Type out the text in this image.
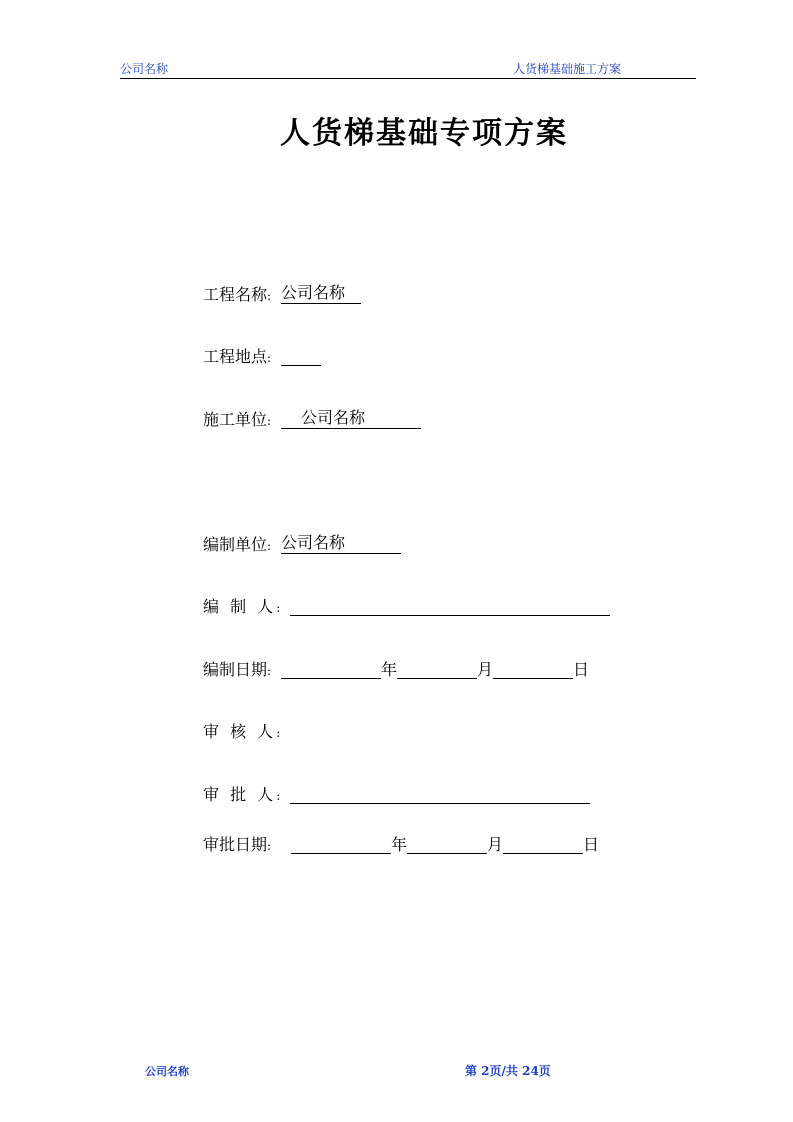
公司名称	人货梯基础施工方案
人货梯基础专项方案
工程名称: 公司名称
工程地点:
施工单位: 公司名称
编制单位: 公司名称
编 制 人:
编制日期:	年	月	日
审 核 人:
审 批 人:
审批日期:	年	月	日
公司名称	第 2页/共 24页
